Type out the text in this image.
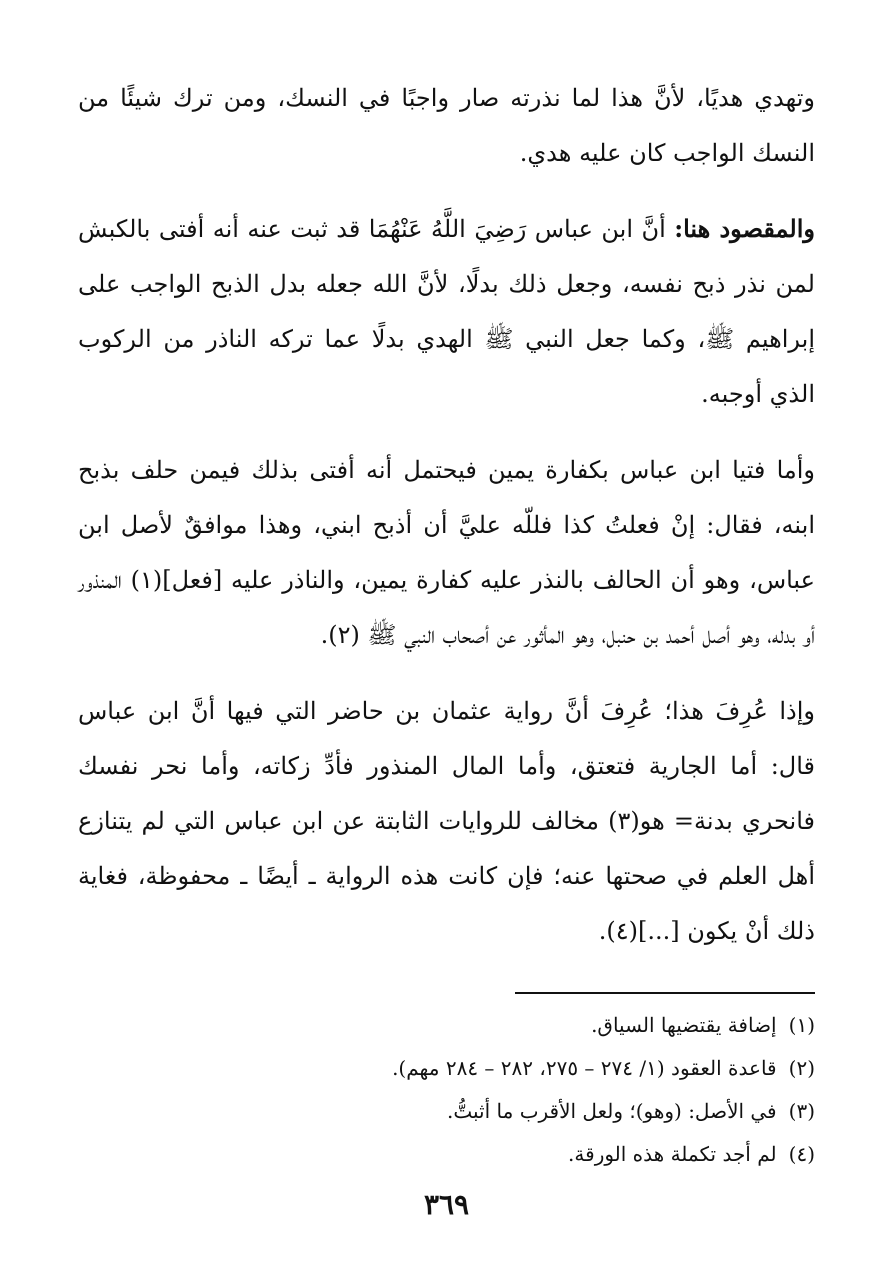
وتهدي هديًا، لأنَّ هذا لما نذرته صار واجبًا في النسك، ومن ترك شيئًا من النسك الواجب كان عليه هدي.

والمقصود هنا: أنَّ ابن عباس رَضِيَ اللَّهُ عَنْهُمَا قد ثبت عنه أنه أفتى بالكبش لمن نذر ذبح نفسه، وجعل ذلك بدلًا، لأنَّ الله جعله بدل الذبح الواجب على إبراهيم ﷺ، وكما جعل النبي ﷺ الهدي بدلًا عما تركه الناذر من الركوب الذي أوجبه.

وأما فتيا ابن عباس بكفارة يمين فيحتمل أنه أفتى بذلك فيمن حلف بذبح ابنه، فقال: إنْ فعلتُ كذا فللّه عليَّ أن أذبح ابني، وهذا موافقٌ لأصل ابن عباس، وهو أن الحالف بالنذر عليه كفارة يمين، والناذر عليه [فعل](١) المنذور أو بدله، وهو أصل أحمد بن حنبل، وهو المأثور عن أصحاب النبي ﷺ (٢).

وإذا عُرِفَ هذا؛ عُرِفَ أنَّ رواية عثمان بن حاضر التي فيها أنَّ ابن عباس قال: أما الجارية فتعتق، وأما المال المنذور فأدِّ زكاته، وأما نحر نفسك فانحري بدنة= هو(٣) مخالف للروايات الثابتة عن ابن عباس التي لم يتنازع أهل العلم في صحتها عنه؛ فإن كانت هذه الرواية ـ أيضًا ـ محفوظة، فغاية ذلك أنْ يكون [...](٤).

(١)إضافة يقتضيها السياق.

(٢)قاعدة العقود (١/ ٢٧٤ – ٢٧٥، ٢٨٢ – ٢٨٤ مهم).

(٣)في الأصل: (وهو)؛ ولعل الأقرب ما أثبتُّ.

(٤)لم أجد تكملة هذه الورقة.

٣٦٩
